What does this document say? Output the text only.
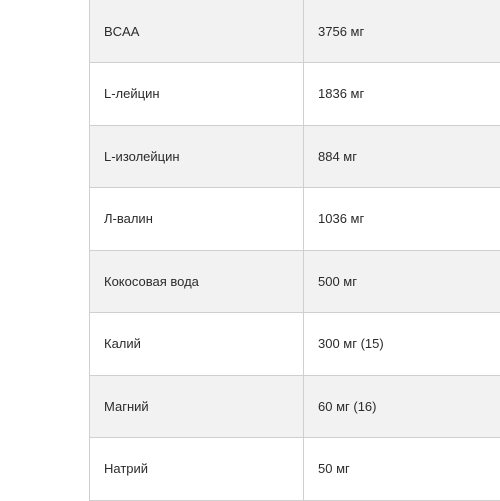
BCAA	3756 мг
L-лейцин	1836 мг
L-изолейцин	884 мг
Л-валин	1036 мг
Кокосовая вода	500 мг
Калий	300 мг (15)
Магний	60 мг (16)
Натрий	50 мг
